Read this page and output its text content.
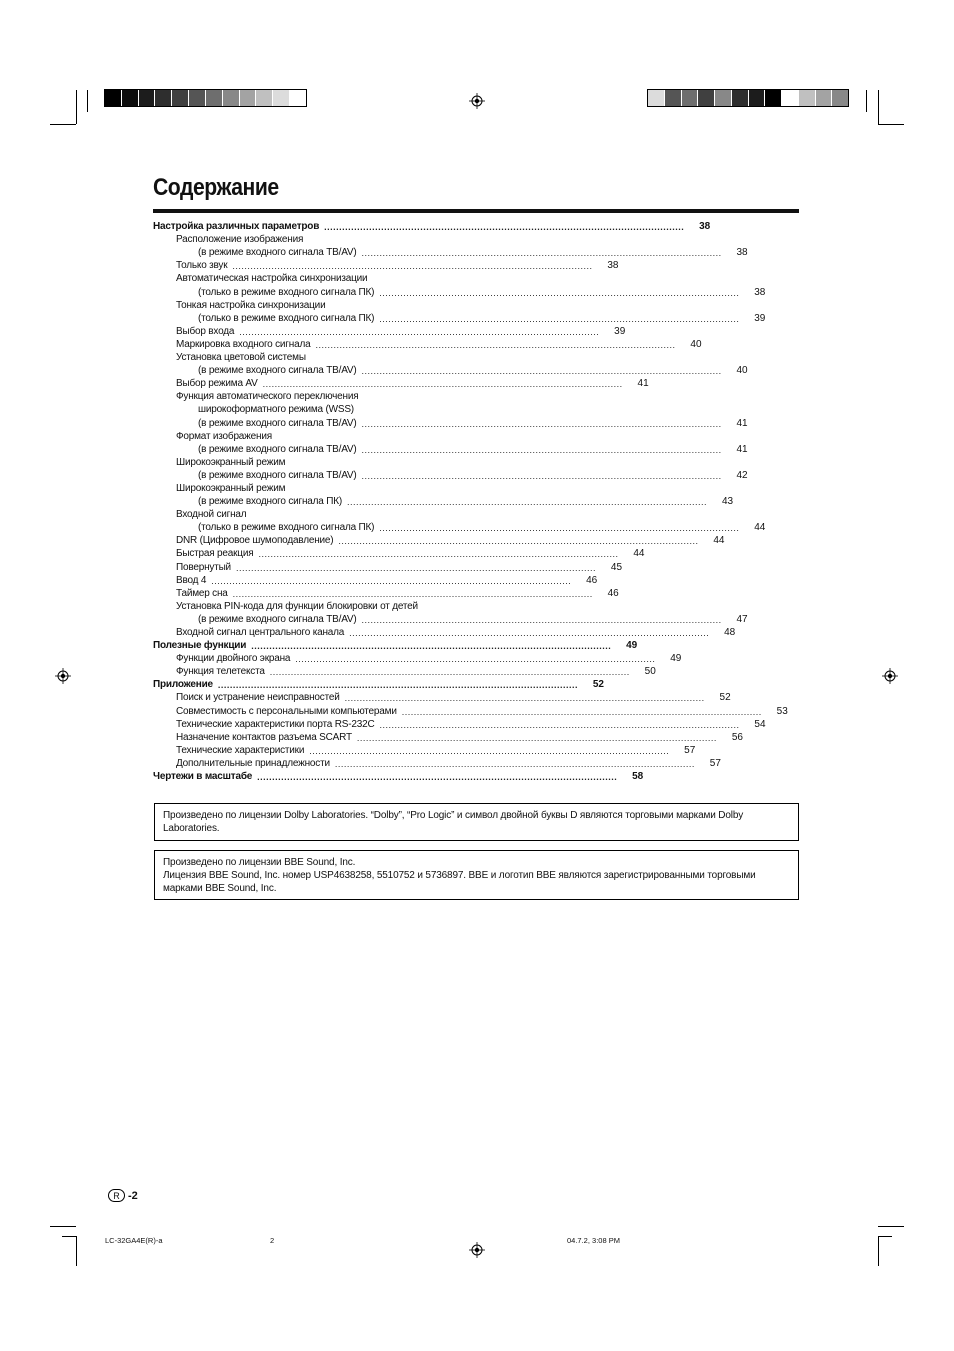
Содержание
Настройка различных параметров ........................................................................................................................	38
Расположение изображения
(в режиме входного сигнала ТВ/AV) ........................................................................................................................	38
Только звук ........................................................................................................................	38
Автоматическая настройка синхронизации
(только в режиме входного сигнала ПК) ........................................................................................................................	38
Тонкая настройка синхронизации
(только в режиме входного сигнала ПК) ........................................................................................................................	39
Выбор входа ........................................................................................................................	39
Маркировка входного сигнала ........................................................................................................................	40
Установка цветовой системы
(в режиме входного сигнала ТВ/AV) ........................................................................................................................	40
Выбор режима AV ........................................................................................................................	41
Функция автоматического переключения
широкоформатного режима (WSS)
(в режиме входного сигнала ТВ/AV) ........................................................................................................................	41
Формат изображения
(в режиме входного сигнала ТВ/AV) ........................................................................................................................	41
Широкоэкранный режим
(в режиме входного сигнала ТВ/AV) ........................................................................................................................	42
Широкоэкранный режим
(в режиме входного сигнала ПК) ........................................................................................................................	43
Входной сигнал
(только в режиме входного сигнала ПК) ........................................................................................................................	44
DNR (Цифровое шумоподавление) ........................................................................................................................	44
Быстрая реакция ........................................................................................................................	44
Повернутый ........................................................................................................................	45
Ввод 4 ........................................................................................................................	46
Таймер сна ........................................................................................................................	46
Установка PIN-кода для функции блокировки от детей
(в режиме входного сигнала ТВ/AV) ........................................................................................................................	47
Входной сигнал центрального канала ........................................................................................................................	48
Полезные функции ........................................................................................................................	49
Функции двойного экрана ........................................................................................................................	49
Функция телетекста ........................................................................................................................	50
Приложение ........................................................................................................................	52
Поиск и устранение неисправностей ........................................................................................................................	52
Совместимость с персональными компьютерами ........................................................................................................................	53
Технические характеристики порта RS-232C ........................................................................................................................	54
Назначение контактов разъема SCART ........................................................................................................................	56
Технические характеристики ........................................................................................................................	57
Дополнительные принадлежности ........................................................................................................................	57
Чертежи в масштабе ........................................................................................................................	58
Произведено по лицензии Dolby Laboratories. “Dolby”, “Pro Logic” и символ двойной буквы D являются торговыми марками Dolby Laboratories.
Произведено по лицензии BBE Sound, Inc.
Лицензия BBE Sound, Inc. номер USP4638258, 5510752 и 5736897. BBE и логотип BBE являются зарегистрированными торговыми марками BBE Sound, Inc.
R -2
LC-32GA4E(R)-a	2	04.7.2, 3:08 PM
